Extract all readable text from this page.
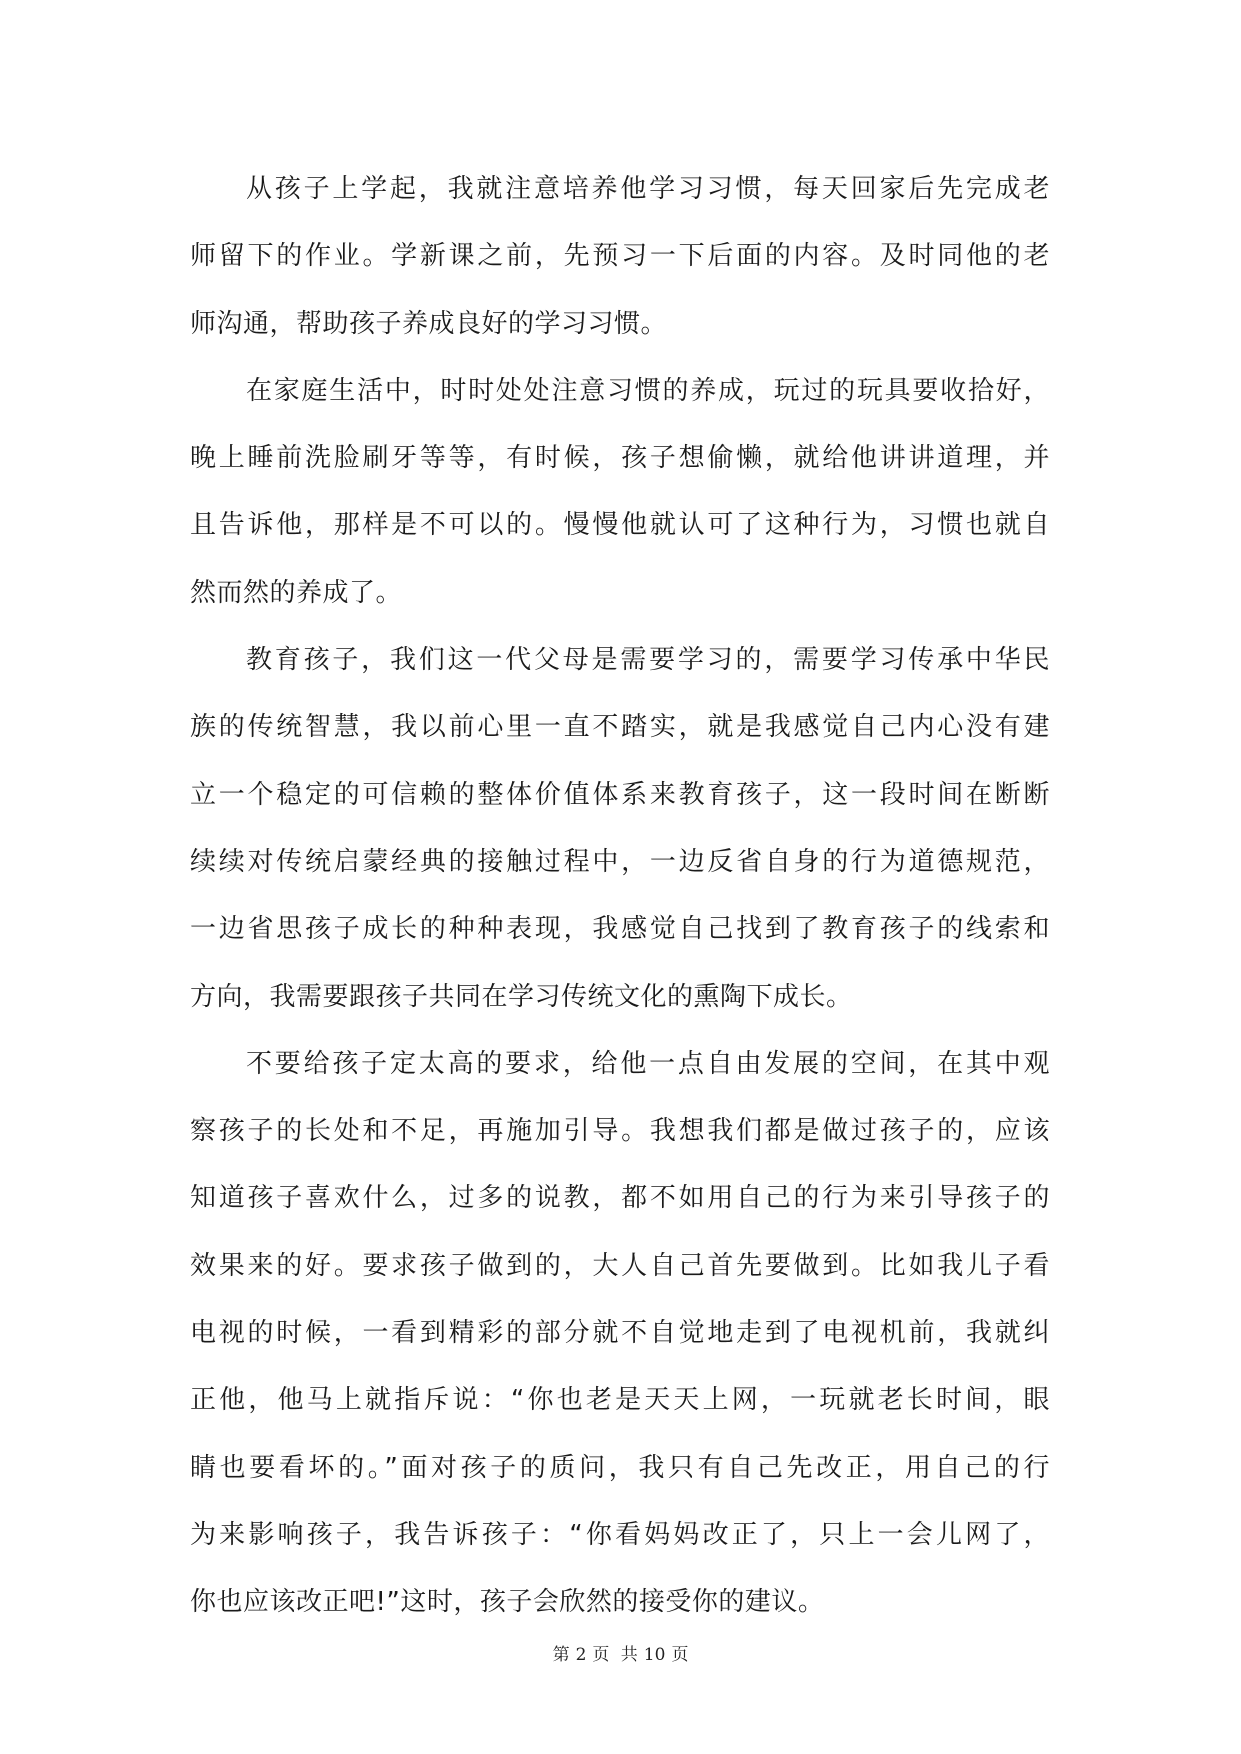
从孩子上学起，我就注意培养他学习习惯，每天回家后先完成老
师留下的作业。学新课之前，先预习一下后面的内容。及时同他的老
师沟通，帮助孩子养成良好的学习习惯。
在家庭生活中，时时处处注意习惯的养成，玩过的玩具要收拾好，
晚上睡前洗脸刷牙等等，有时候，孩子想偷懒，就给他讲讲道理，并
且告诉他，那样是不可以的。慢慢他就认可了这种行为，习惯也就自
然而然的养成了。
教育孩子，我们这一代父母是需要学习的，需要学习传承中华民
族的传统智慧，我以前心里一直不踏实，就是我感觉自己内心没有建
立一个稳定的可信赖的整体价值体系来教育孩子，这一段时间在断断
续续对传统启蒙经典的接触过程中，一边反省自身的行为道德规范，
一边省思孩子成长的种种表现，我感觉自己找到了教育孩子的线索和
方向，我需要跟孩子共同在学习传统文化的熏陶下成长。
不要给孩子定太高的要求，给他一点自由发展的空间，在其中观
察孩子的长处和不足，再施加引导。我想我们都是做过孩子的，应该
知道孩子喜欢什么，过多的说教，都不如用自己的行为来引导孩子的
效果来的好。要求孩子做到的，大人自己首先要做到。比如我儿子看
电视的时候，一看到精彩的部分就不自觉地走到了电视机前，我就纠
正他，他马上就指斥说：“你也老是天天上网，一玩就老长时间，眼
睛也要看坏的。”面对孩子的质问，我只有自己先改正，用自己的行
为来影响孩子，我告诉孩子：“你看妈妈改正了，只上一会儿网了，
你也应该改正吧!”这时，孩子会欣然的接受你的建议。
第 2 页 共 10 页
